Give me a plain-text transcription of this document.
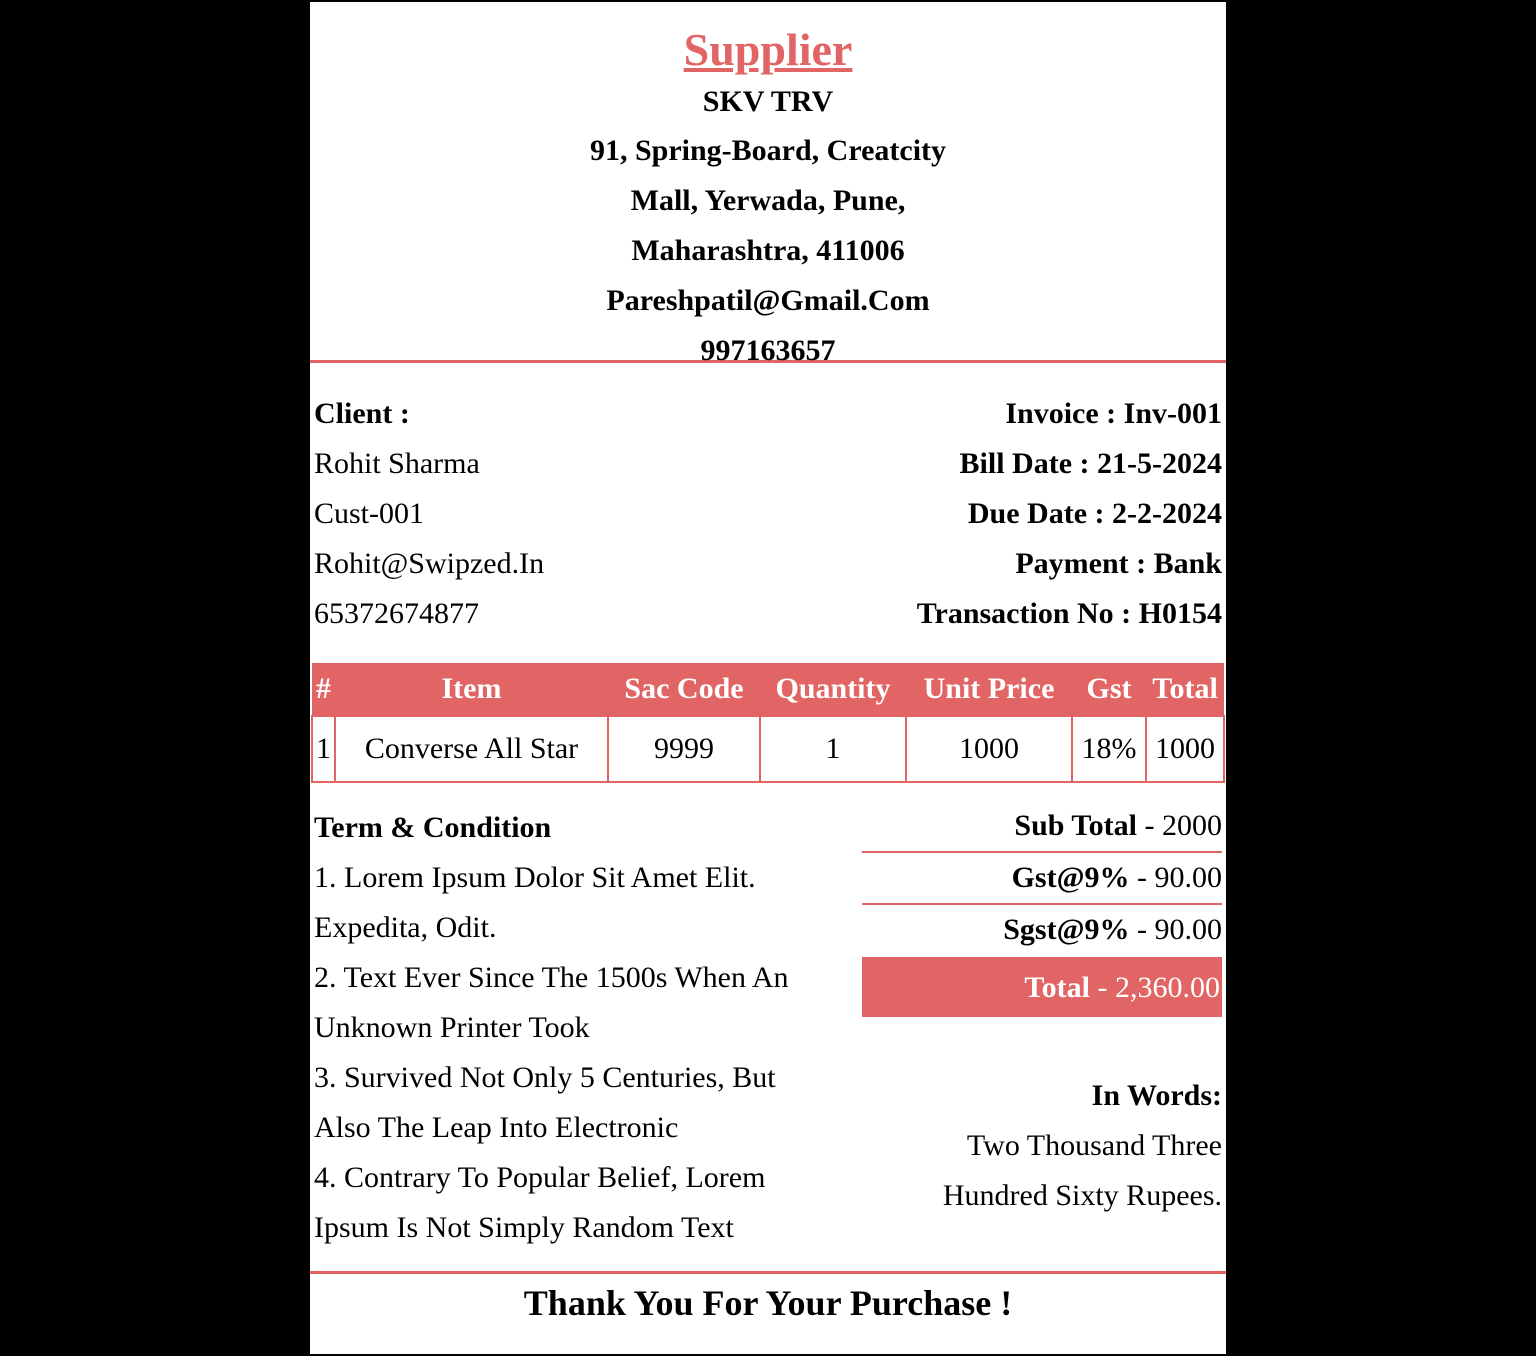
Supplier
SKV TRV
91, Spring-Board, Creatcity
Mall, Yerwada, Pune,
Maharashtra, 411006
Pareshpatil@Gmail.Com
997163657
Client :
Rohit Sharma
Cust-001
Rohit@Swipzed.In
65372674877
Invoice : Inv-001
Bill Date : 21-5-2024
Due Date : 2-2-2024
Payment : Bank
Transaction No : H0154
#	Item	Sac Code	Quantity	Unit Price	Gst	Total
1	Converse All Star	9999	1	1000	18%	1000
Term & Condition
1. Lorem Ipsum Dolor Sit Amet Elit.
Expedita, Odit.
2. Text Ever Since The 1500s When An
Unknown Printer Took
3. Survived Not Only 5 Centuries, But
Also The Leap Into Electronic
4. Contrary To Popular Belief, Lorem
Ipsum Is Not Simply Random Text
Sub Total - 2000
Gst@9% - 90.00
Sgst@9% - 90.00
Total - 2,360.00
In Words:
Two Thousand Three
Hundred Sixty Rupees.
Thank You For Your Purchase !
